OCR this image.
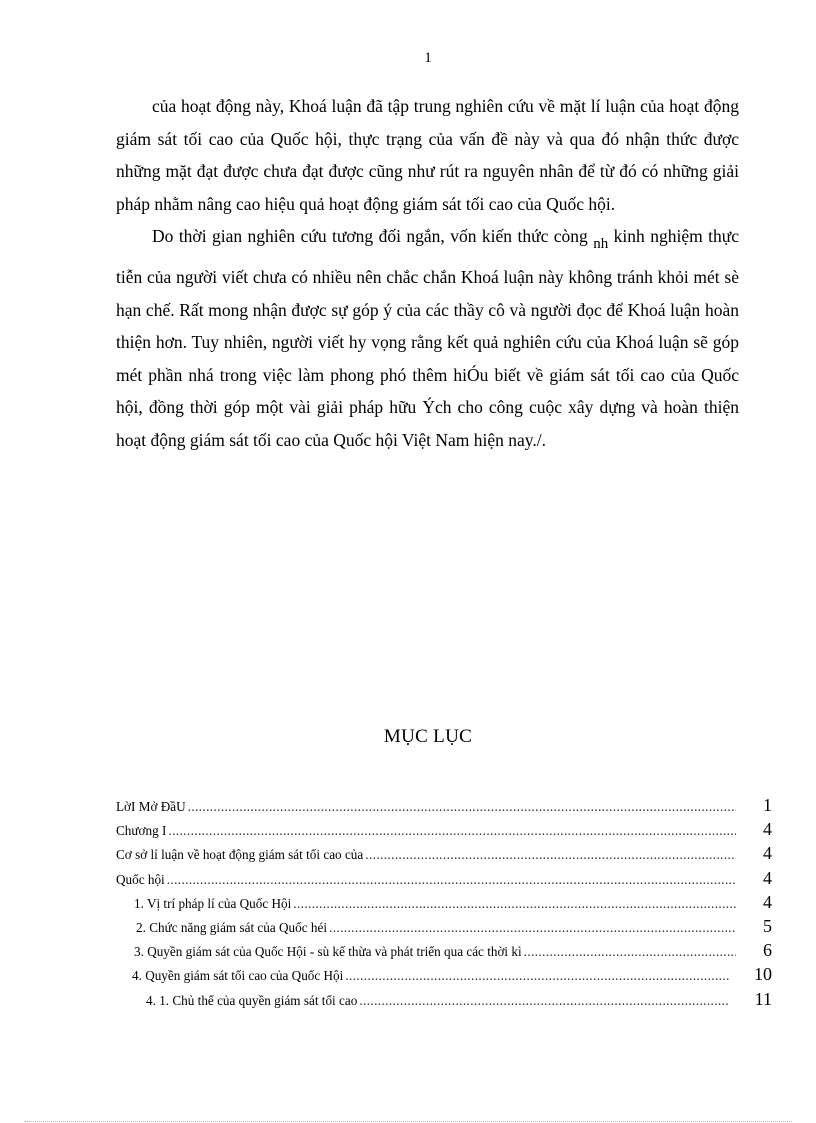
1

của hoạt động này, Khoá luận đã tập trung nghiên cứu về mặt lí luận của hoạt động giám sát tối cao của Quốc hội, thực trạng của vấn đề này và qua đó nhận thức được những mặt đạt được chưa đạt được cũng như rút ra nguyên nhân để từ đó có những giải pháp nhằm nâng cao hiệu quả hoạt động giám sát tối cao của Quốc hội.

Do thời gian nghiên cứu tương đối ngắn, vốn kiến thức còng nh kinh nghiệm thực tiễn của người viết chưa có nhiều nên chắc chắn Khoá luận này không tránh khỏi mét sè hạn chế. Rất mong nhận được sự góp ý của các thầy cô và người đọc để Khoá luận hoàn thiện hơn. Tuy nhiên, người viết hy vọng rằng kết quả nghiên cứu của Khoá luận sẽ góp mét phần nhá trong việc làm phong phó thêm hiÓu biết về giám sát tối cao của Quốc hội, đồng thời góp một vài giải pháp hữu Ých cho công cuộc xây dựng và hoàn thiện hoạt động giám sát tối cao của Quốc hội Việt Nam hiện nay./.

MỤC LỤC
LờI Mở ĐầU .....	1
Chương I .....	4
Cơ sở lí luận về hoạt động giám sát tối cao của .....	4
Quốc hội .....	4
1. Vị trí pháp lí của Quốc Hội .....	4
2. Chức năng giám sát của Quốc héi .....	5
3. Quyền giám sát của Quốc Hội - sù kế thừa và phát triển qua các thời kì .....	6
4. Quyền giám sát tối cao của Quốc Hội .....	10
4. 1. Chủ thể của quyền giám sát tối cao .....	11
